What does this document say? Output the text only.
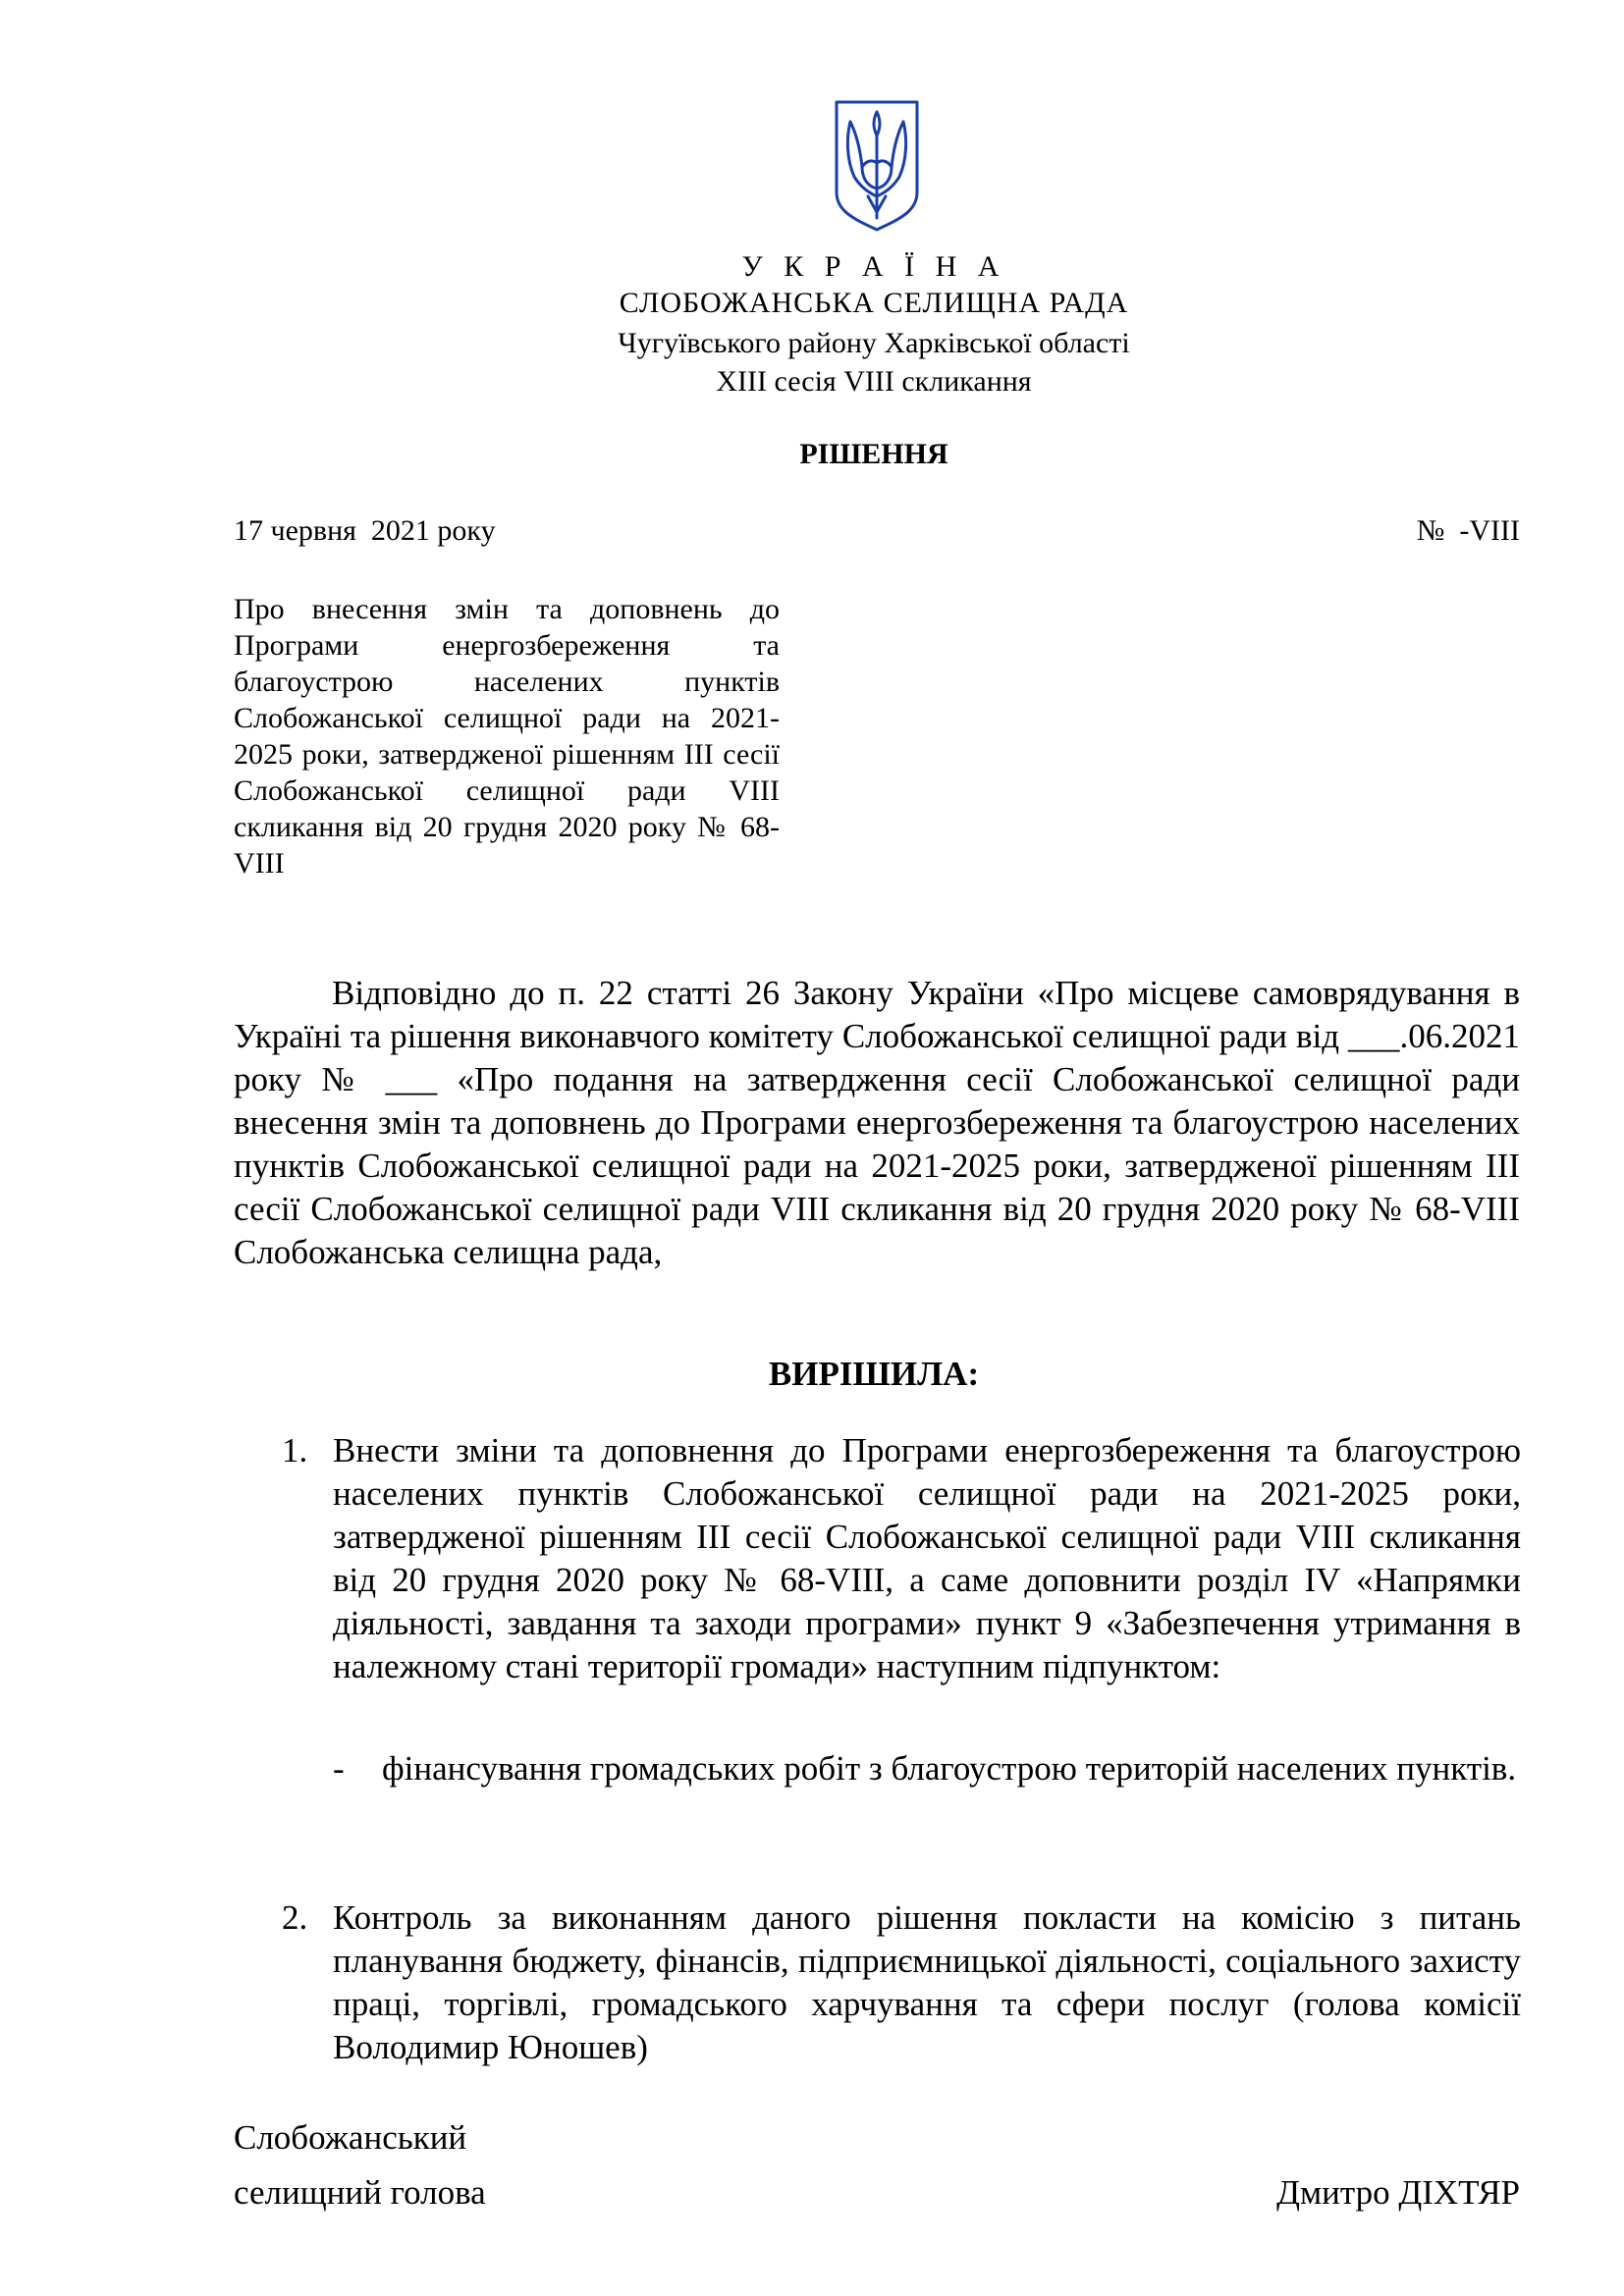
У К Р А Ї Н А
СЛОБОЖАНСЬКА СЕЛИЩНА РАДА
Чугуївського району Харківської області
XIII сесія VIII скликання
РІШЕННЯ
17 червня  2021 року	№  -VIII
Про внесення змін та доповнень до Програми енергозбереження та благоустрою населених пунктів Слобожанської селищної ради на 2021-2025 роки, затвердженої рішенням ІІІ сесії Слобожанської селищної ради VІІІ скликання від 20 грудня 2020 року № 68-VIII
Відповідно до п. 22 статті 26 Закону України «Про місцеве самоврядування в Україні та рішення виконавчого комітету Слобожанської селищної ради від ___.06.2021 року № ___ «Про подання на затвердження сесії Слобожанської селищної ради внесення змін та доповнень до Програми енергозбереження та благоустрою населених пунктів Слобожанської селищної ради на 2021-2025 роки, затвердженої рішенням ІІІ сесії Слобожанської селищної ради VІІІ скликання від 20 грудня 2020 року № 68-VIII Слобожанська селищна рада,
ВИРІШИЛА:
1. Внести зміни та доповнення до Програми енергозбереження та благоустрою населених пунктів Слобожанської селищної ради на 2021-2025 роки, затвердженої рішенням ІІІ сесії Слобожанської селищної ради VІІІ скликання від 20 грудня 2020 року № 68-VIII, а саме доповнити розділ IV «Напрямки діяльності, завдання та заходи програми» пункт 9 «Забезпечення утримання в належному стані території громади» наступним підпунктом:
- фінансування громадських робіт з благоустрою територій населених пунктів.
2. Контроль за виконанням даного рішення покласти на комісію з питань планування бюджету, фінансів, підприємницької діяльності, соціального захисту праці, торгівлі, громадського харчування та сфери послуг (голова комісії Володимир Юношев)
Слобожанський
селищний голова	Дмитро ДІХТЯР
